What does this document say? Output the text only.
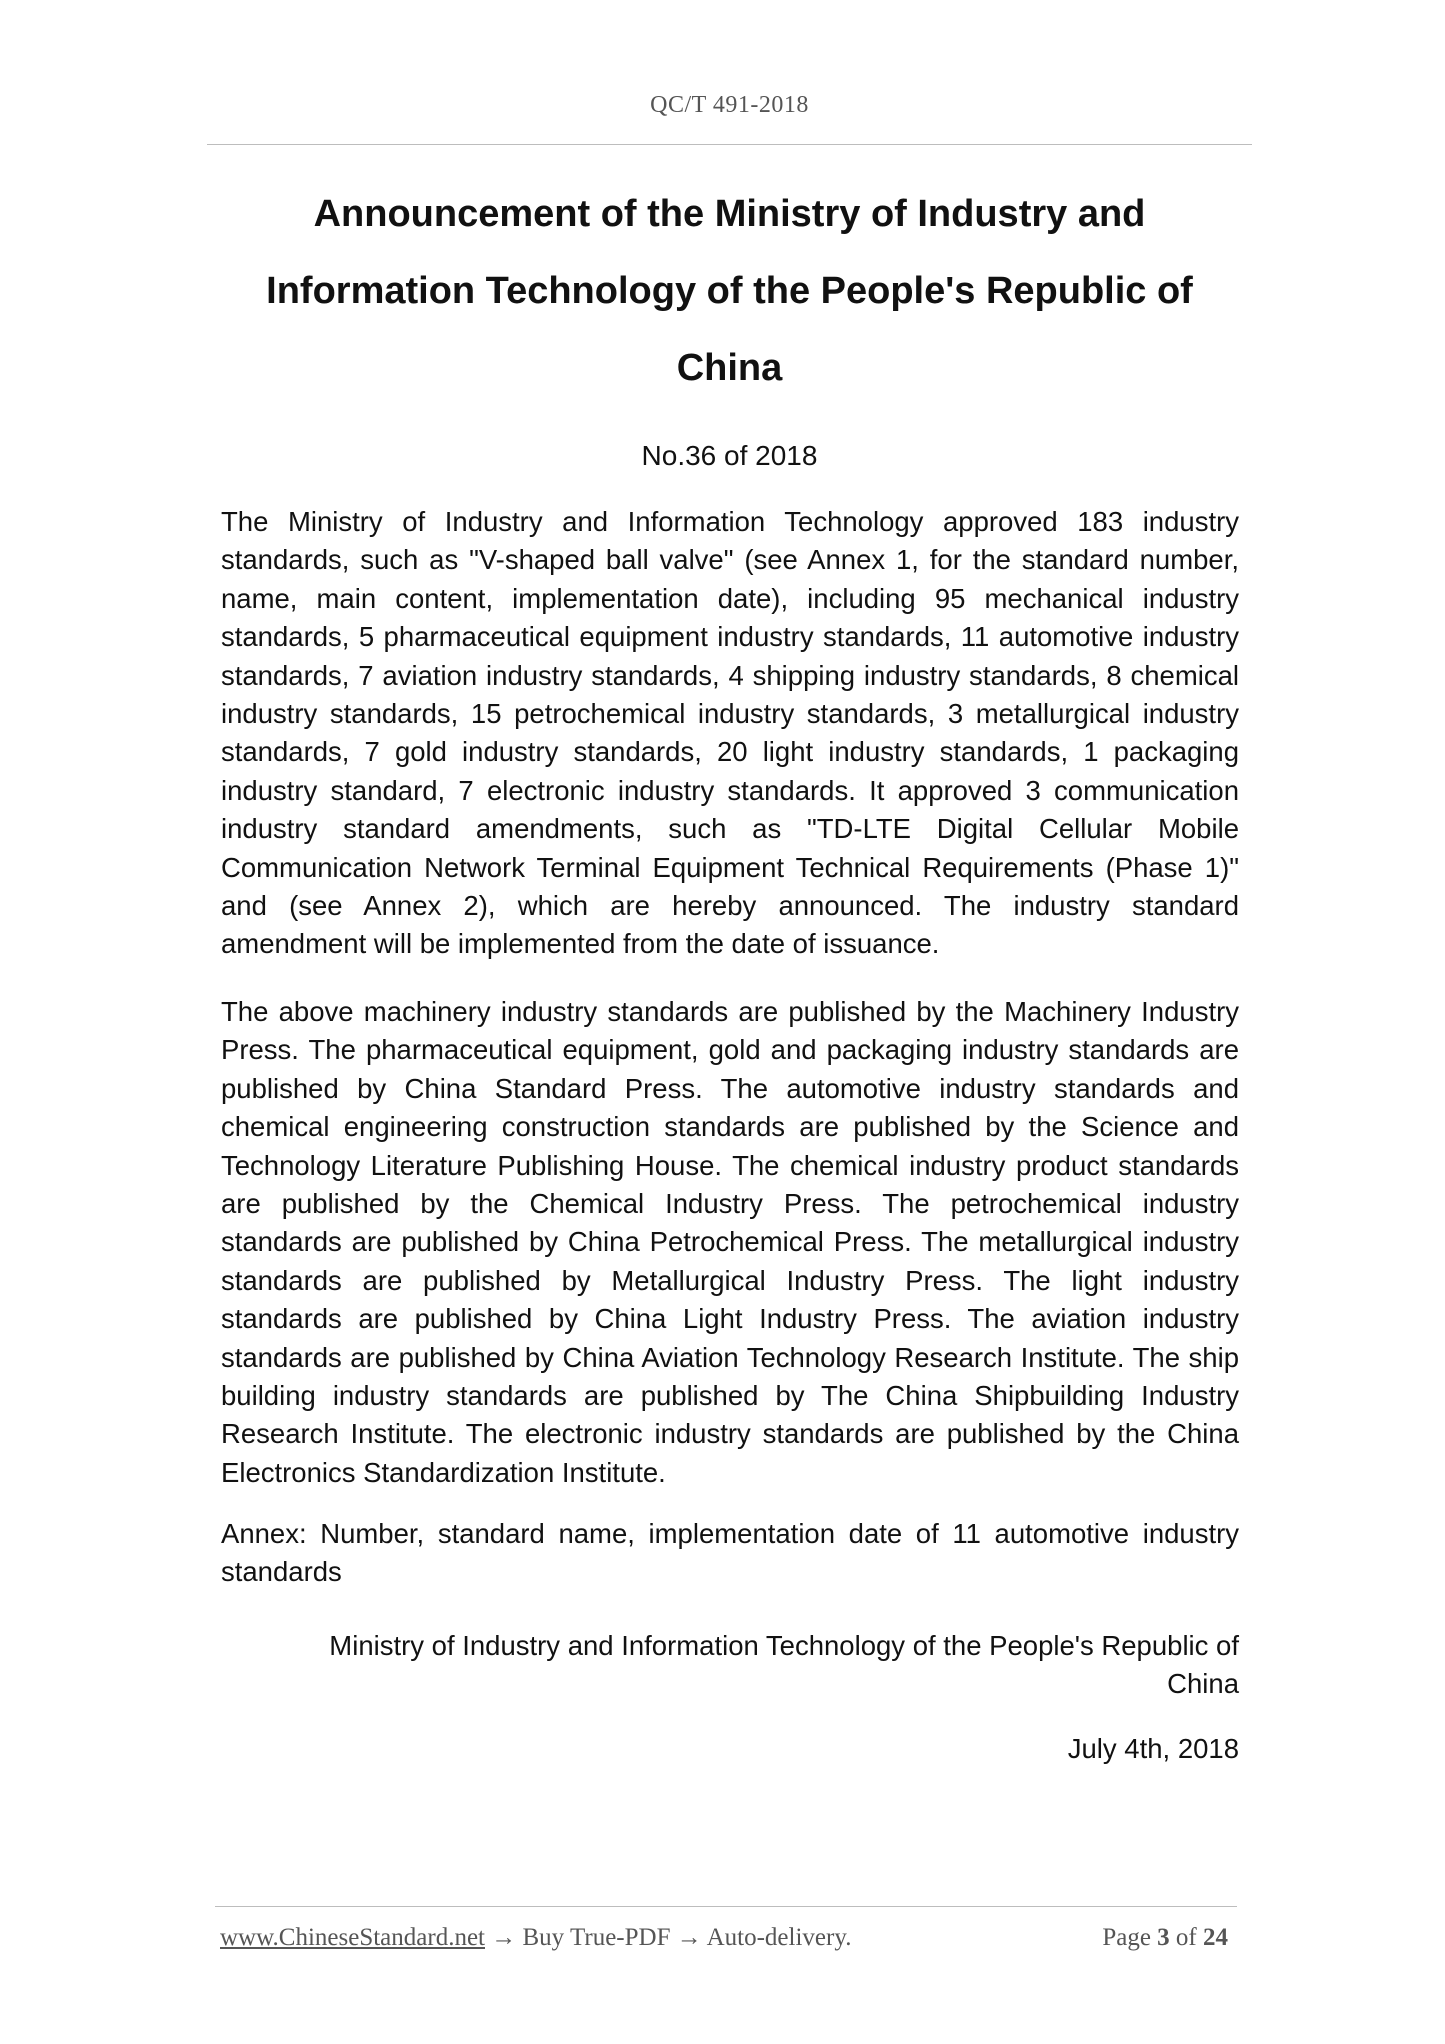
QC/T 491-2018
Announcement of the Ministry of Industry and
Information Technology of the People's Republic of
China
No.36 of 2018

The Ministry of Industry and Information Technology approved 183 industry standards, such as "V-shaped ball valve" (see Annex 1, for the standard number, name, main content, implementation date), including 95 mechanical industry standards, 5 pharmaceutical equipment industry standards, 11 automotive industry standards, 7 aviation industry standards, 4 shipping industry standards, 8 chemical industry standards, 15 petrochemical industry standards, 3 metallurgical industry standards, 7 gold industry standards, 20 light industry standards, 1 packaging industry standard, 7 electronic industry standards. It approved 3 communication industry standard amendments, such as "TD-LTE Digital Cellular Mobile Communication Network Terminal Equipment Technical Requirements (Phase 1)" and (see Annex 2), which are hereby announced. The industry standard amendment will be implemented from the date of issuance.

The above machinery industry standards are published by the Machinery Industry Press. The pharmaceutical equipment, gold and packaging industry standards are published by China Standard Press. The automotive industry standards and chemical engineering construction standards are published by the Science and Technology Literature Publishing House. The chemical industry product standards are published by the Chemical Industry Press. The petrochemical industry standards are published by China Petrochemical Press. The metallurgical industry standards are published by Metallurgical Industry Press. The light industry standards are published by China Light Industry Press. The aviation industry standards are published by China Aviation Technology Research Institute. The ship building industry standards are published by The China Shipbuilding Industry Research Institute. The electronic industry standards are published by the China Electronics Standardization Institute.

Annex: Number, standard name, implementation date of 11 automotive industry standards

Ministry of Industry and Information Technology of the People's Republic of
China

July 4th, 2018

www.ChineseStandard.net → Buy True-PDF → Auto-delivery.	Page 3 of 24
